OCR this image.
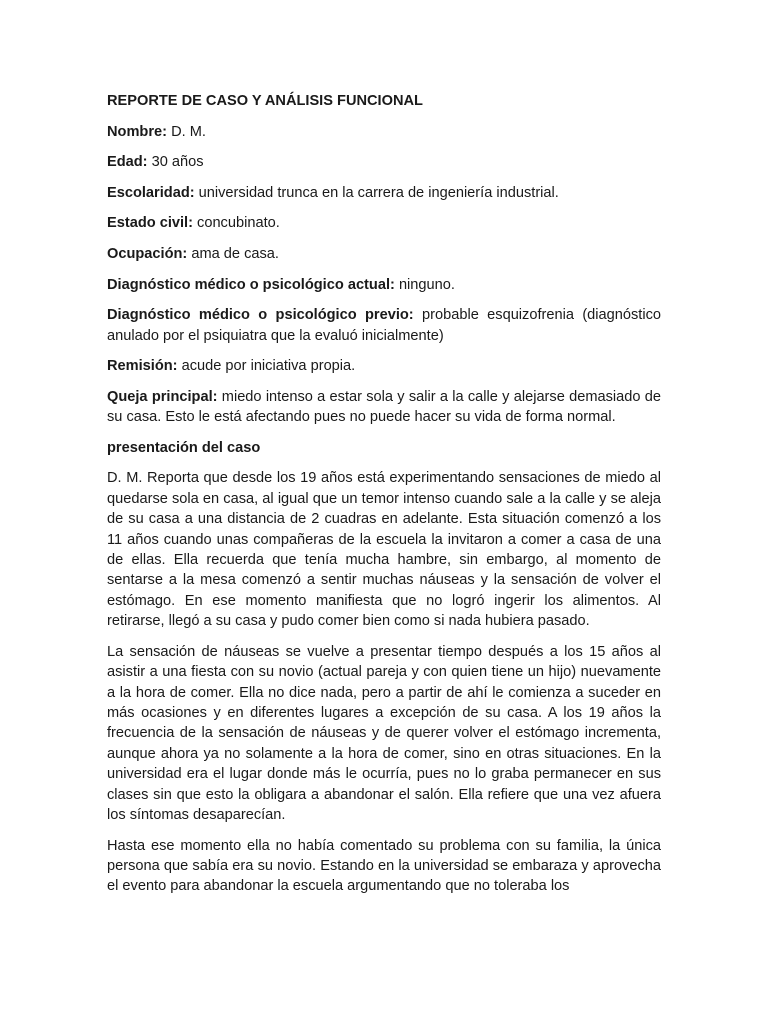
REPORTE DE CASO Y ANÁLISIS FUNCIONAL
Nombre: D. M.
Edad: 30 años
Escolaridad: universidad trunca en la carrera de ingeniería industrial.
Estado civil: concubinato.
Ocupación: ama de casa.
Diagnóstico médico o psicológico actual: ninguno.
Diagnóstico médico o psicológico previo: probable esquizofrenia (diagnóstico anulado por el psiquiatra que la evaluó inicialmente)
Remisión: acude por iniciativa propia.
Queja principal: miedo intenso a estar sola y salir a la calle y alejarse demasiado de su casa. Esto le está afectando pues no puede hacer su vida de forma normal.
presentación del caso

D. M. Reporta que desde los 19 años está experimentando sensaciones de miedo al quedarse sola en casa, al igual que un temor intenso cuando sale a la calle y se aleja de su casa a una distancia de 2 cuadras en adelante. Esta situación comenzó a los 11 años cuando unas compañeras de la escuela la invitaron a comer a casa de una de ellas. Ella recuerda que tenía mucha hambre, sin embargo, al momento de sentarse a la mesa comenzó a sentir muchas náuseas y la sensación de volver el estómago. En ese momento manifiesta que no logró ingerir los alimentos. Al retirarse, llegó a su casa y pudo comer bien como si nada hubiera pasado.

La sensación de náuseas se vuelve a presentar tiempo después a los 15 años al asistir a una fiesta con su novio (actual pareja y con quien tiene un hijo) nuevamente a la hora de comer. Ella no dice nada, pero a partir de ahí le comienza a suceder en más ocasiones y en diferentes lugares a excepción de su casa. A los 19 años la frecuencia de la sensación de náuseas y de querer volver el estómago incrementa, aunque ahora ya no solamente a la hora de comer, sino en otras situaciones. En la universidad era el lugar donde más le ocurría, pues no lo graba permanecer en sus clases sin que esto la obligara a abandonar el salón. Ella refiere que una vez afuera los síntomas desaparecían.

Hasta ese momento ella no había comentado su problema con su familia, la única persona que sabía era su novio. Estando en la universidad se embaraza y aprovecha el evento para abandonar la escuela argumentando que no toleraba los
